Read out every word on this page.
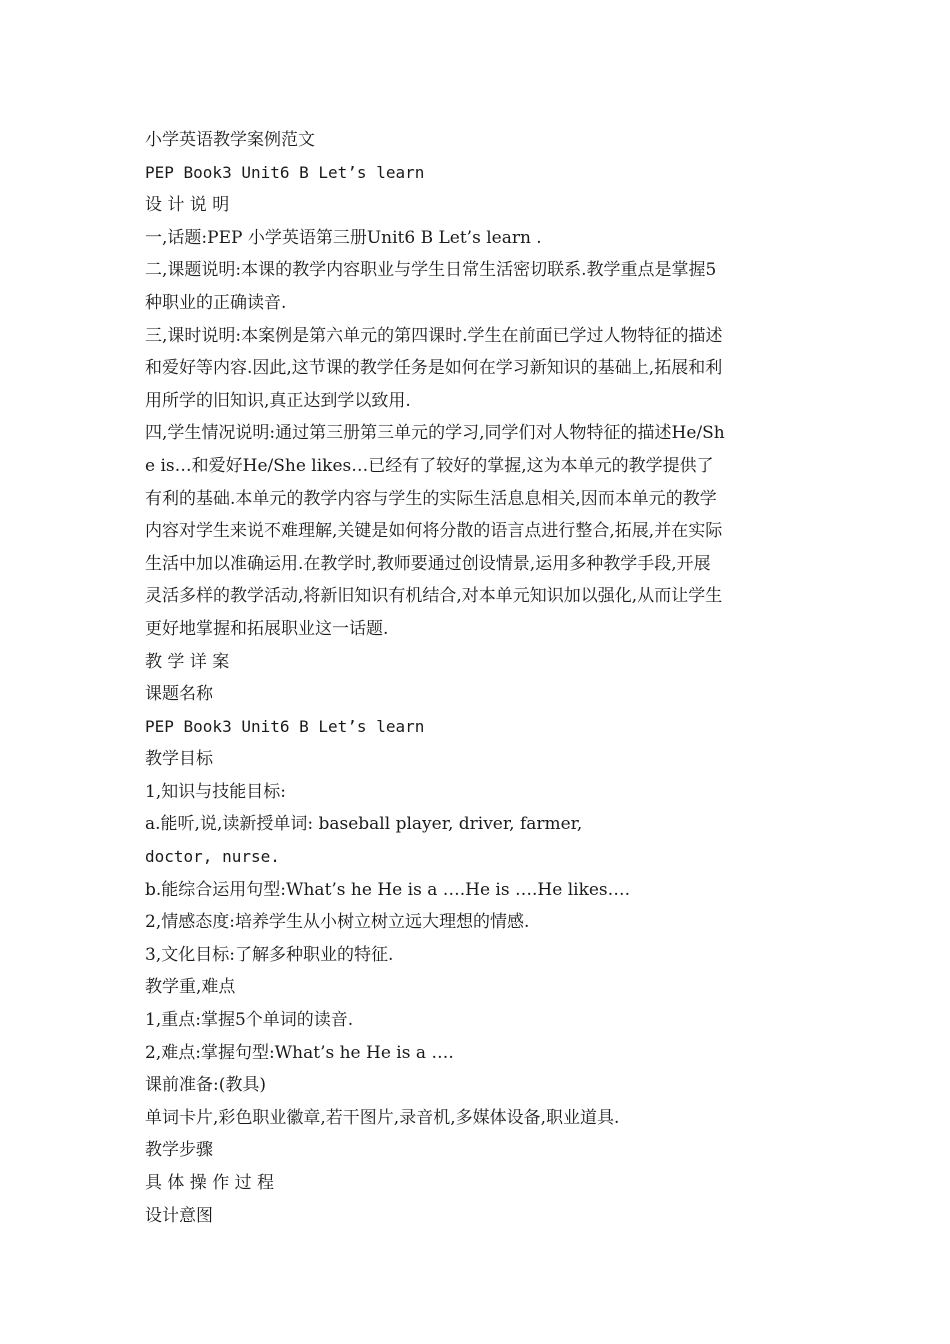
小学英语教学案例范文
PEP Book3 Unit6 B Let’s learn
设 计 说 明
一,话题:PEP 小学英语第三册Unit6 B Let’s learn .
二,课题说明:本课的教学内容职业与学生日常生活密切联系.教学重点是掌握5
种职业的正确读音.
三,课时说明:本案例是第六单元的第四课时.学生在前面已学过人物特征的描述
和爱好等内容.因此,这节课的教学任务是如何在学习新知识的基础上,拓展和利
用所学的旧知识,真正达到学以致用.
四,学生情况说明:通过第三册第三单元的学习,同学们对人物特征的描述He/Sh
e is…和爱好He/She likes…已经有了较好的掌握,这为本单元的教学提供了
有利的基础.本单元的教学内容与学生的实际生活息息相关,因而本单元的教学
内容对学生来说不难理解,关键是如何将分散的语言点进行整合,拓展,并在实际
生活中加以准确运用.在教学时,教师要通过创设情景,运用多种教学手段,开展
灵活多样的教学活动,将新旧知识有机结合,对本单元知识加以强化,从而让学生
更好地掌握和拓展职业这一话题.
教 学 详 案
课题名称
PEP Book3 Unit6 B Let’s learn
教学目标
1,知识与技能目标:
a.能听,说,读新授单词: baseball player, driver, farmer,
doctor, nurse.
b.能综合运用句型:What’s he He is a ….He is ….He likes….
2,情感态度:培养学生从小树立树立远大理想的情感.
3,文化目标:了解多种职业的特征.
教学重,难点
1,重点:掌握5个单词的读音.
2,难点:掌握句型:What’s he He is a ….
课前准备:(教具)
单词卡片,彩色职业徽章,若干图片,录音机,多媒体设备,职业道具.
教学步骤
具 体 操 作 过 程
设计意图
